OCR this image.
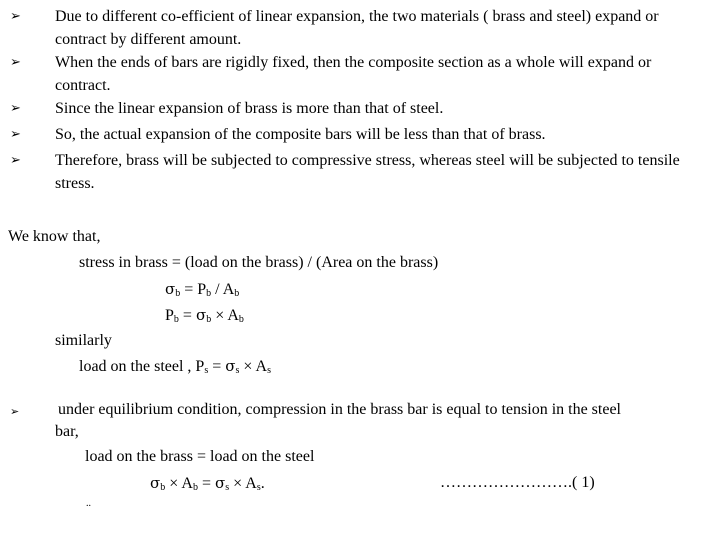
➢ Due to different co-efficient of linear expansion, the two materials ( brass and steel) expand or contract by different amount.
➢ When the ends of bars are rigidly fixed, then the composite section as a whole will expand or contract.
➢ Since the linear expansion of brass is more than that of steel.
➢ So, the actual expansion of the composite bars will be less than that of brass.
➢ Therefore, brass will be subjected to compressive stress, whereas steel will be subjected to tensile stress.
We know that,
stress in brass = (load on the brass) / (Area on the brass)
$\sigma_b = P_b / A_b$
$P_b = \sigma_b \times A_b$
similarly
load on the steel , $P_s = \sigma_s \times A_s$
➢ under equilibrium condition, compression in the brass bar is equal to tension in the steel
bar,
load on the brass = load on the steel
$\sigma_b \times A_b = \sigma_s \times A_s$.	…………………….( 1)
..
